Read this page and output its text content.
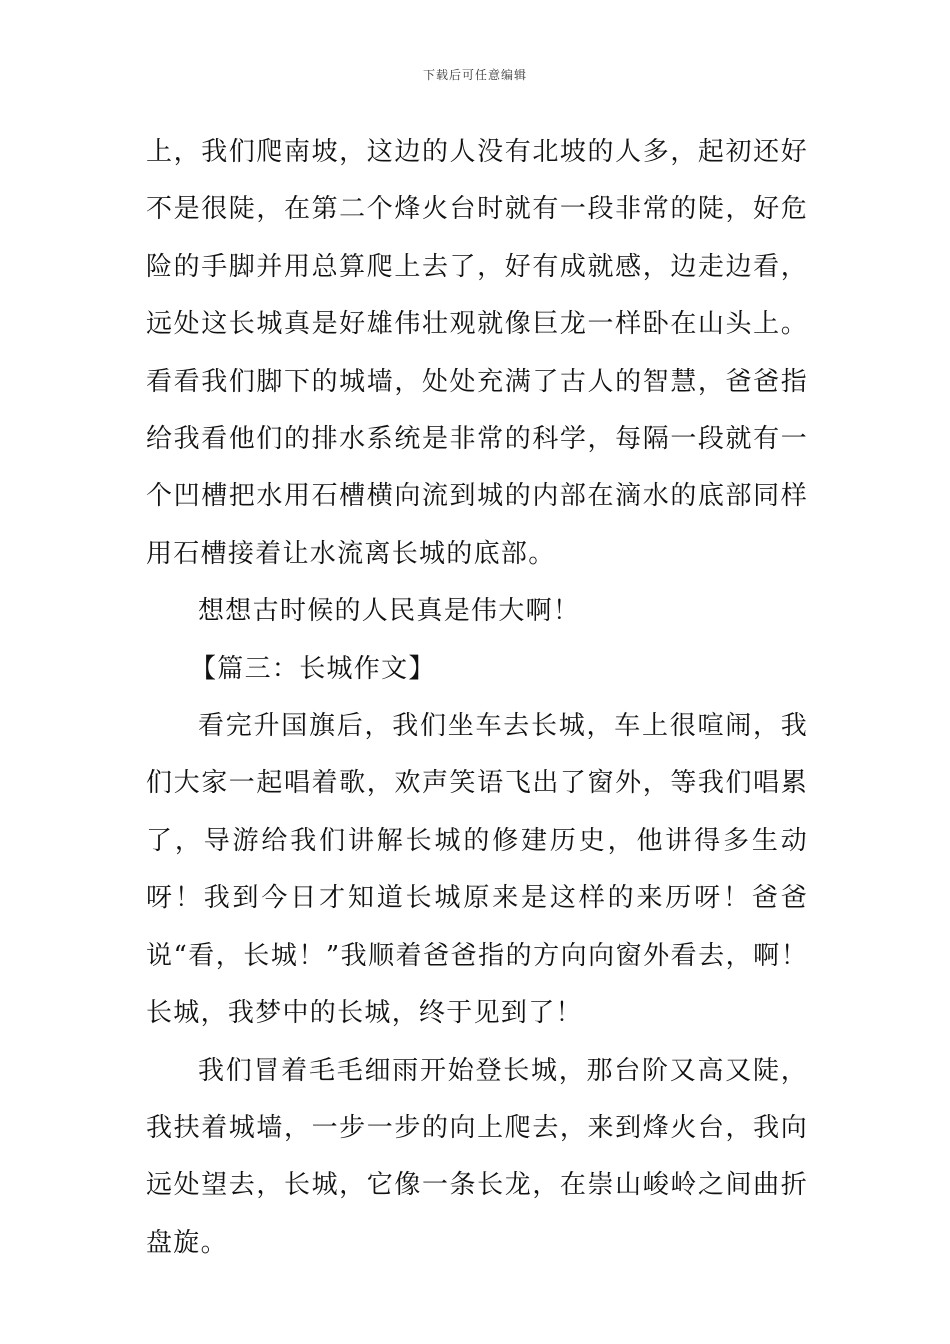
下载后可任意编辑

上，我们爬南坡，这边的人没有北坡的人多，起初还好不是很陡，在第二个烽火台时就有一段非常的陡，好危险的手脚并用总算爬上去了，好有成就感，边走边看，远处这长城真是好雄伟壮观就像巨龙一样卧在山头上。看看我们脚下的城墙，处处充满了古人的智慧，爸爸指给我看他们的排水系统是非常的科学，每隔一段就有一个凹槽把水用石槽横向流到城的内部在滴水的底部同样用石槽接着让水流离长城的底部。

想想古时候的人民真是伟大啊！

【篇三：长城作文】

看完升国旗后，我们坐车去长城，车上很喧闹，我们大家一起唱着歌，欢声笑语飞出了窗外，等我们唱累了，导游给我们讲解长城的修建历史，他讲得多生动呀！我到今日才知道长城原来是这样的来历呀！爸爸说“看，长城！”我顺着爸爸指的方向向窗外看去，啊！长城，我梦中的长城，终于见到了！

我们冒着毛毛细雨开始登长城，那台阶又高又陡，我扶着城墙，一步一步的向上爬去，来到烽火台，我向远处望去，长城，它像一条长龙，在崇山峻岭之间曲折盘旋。
